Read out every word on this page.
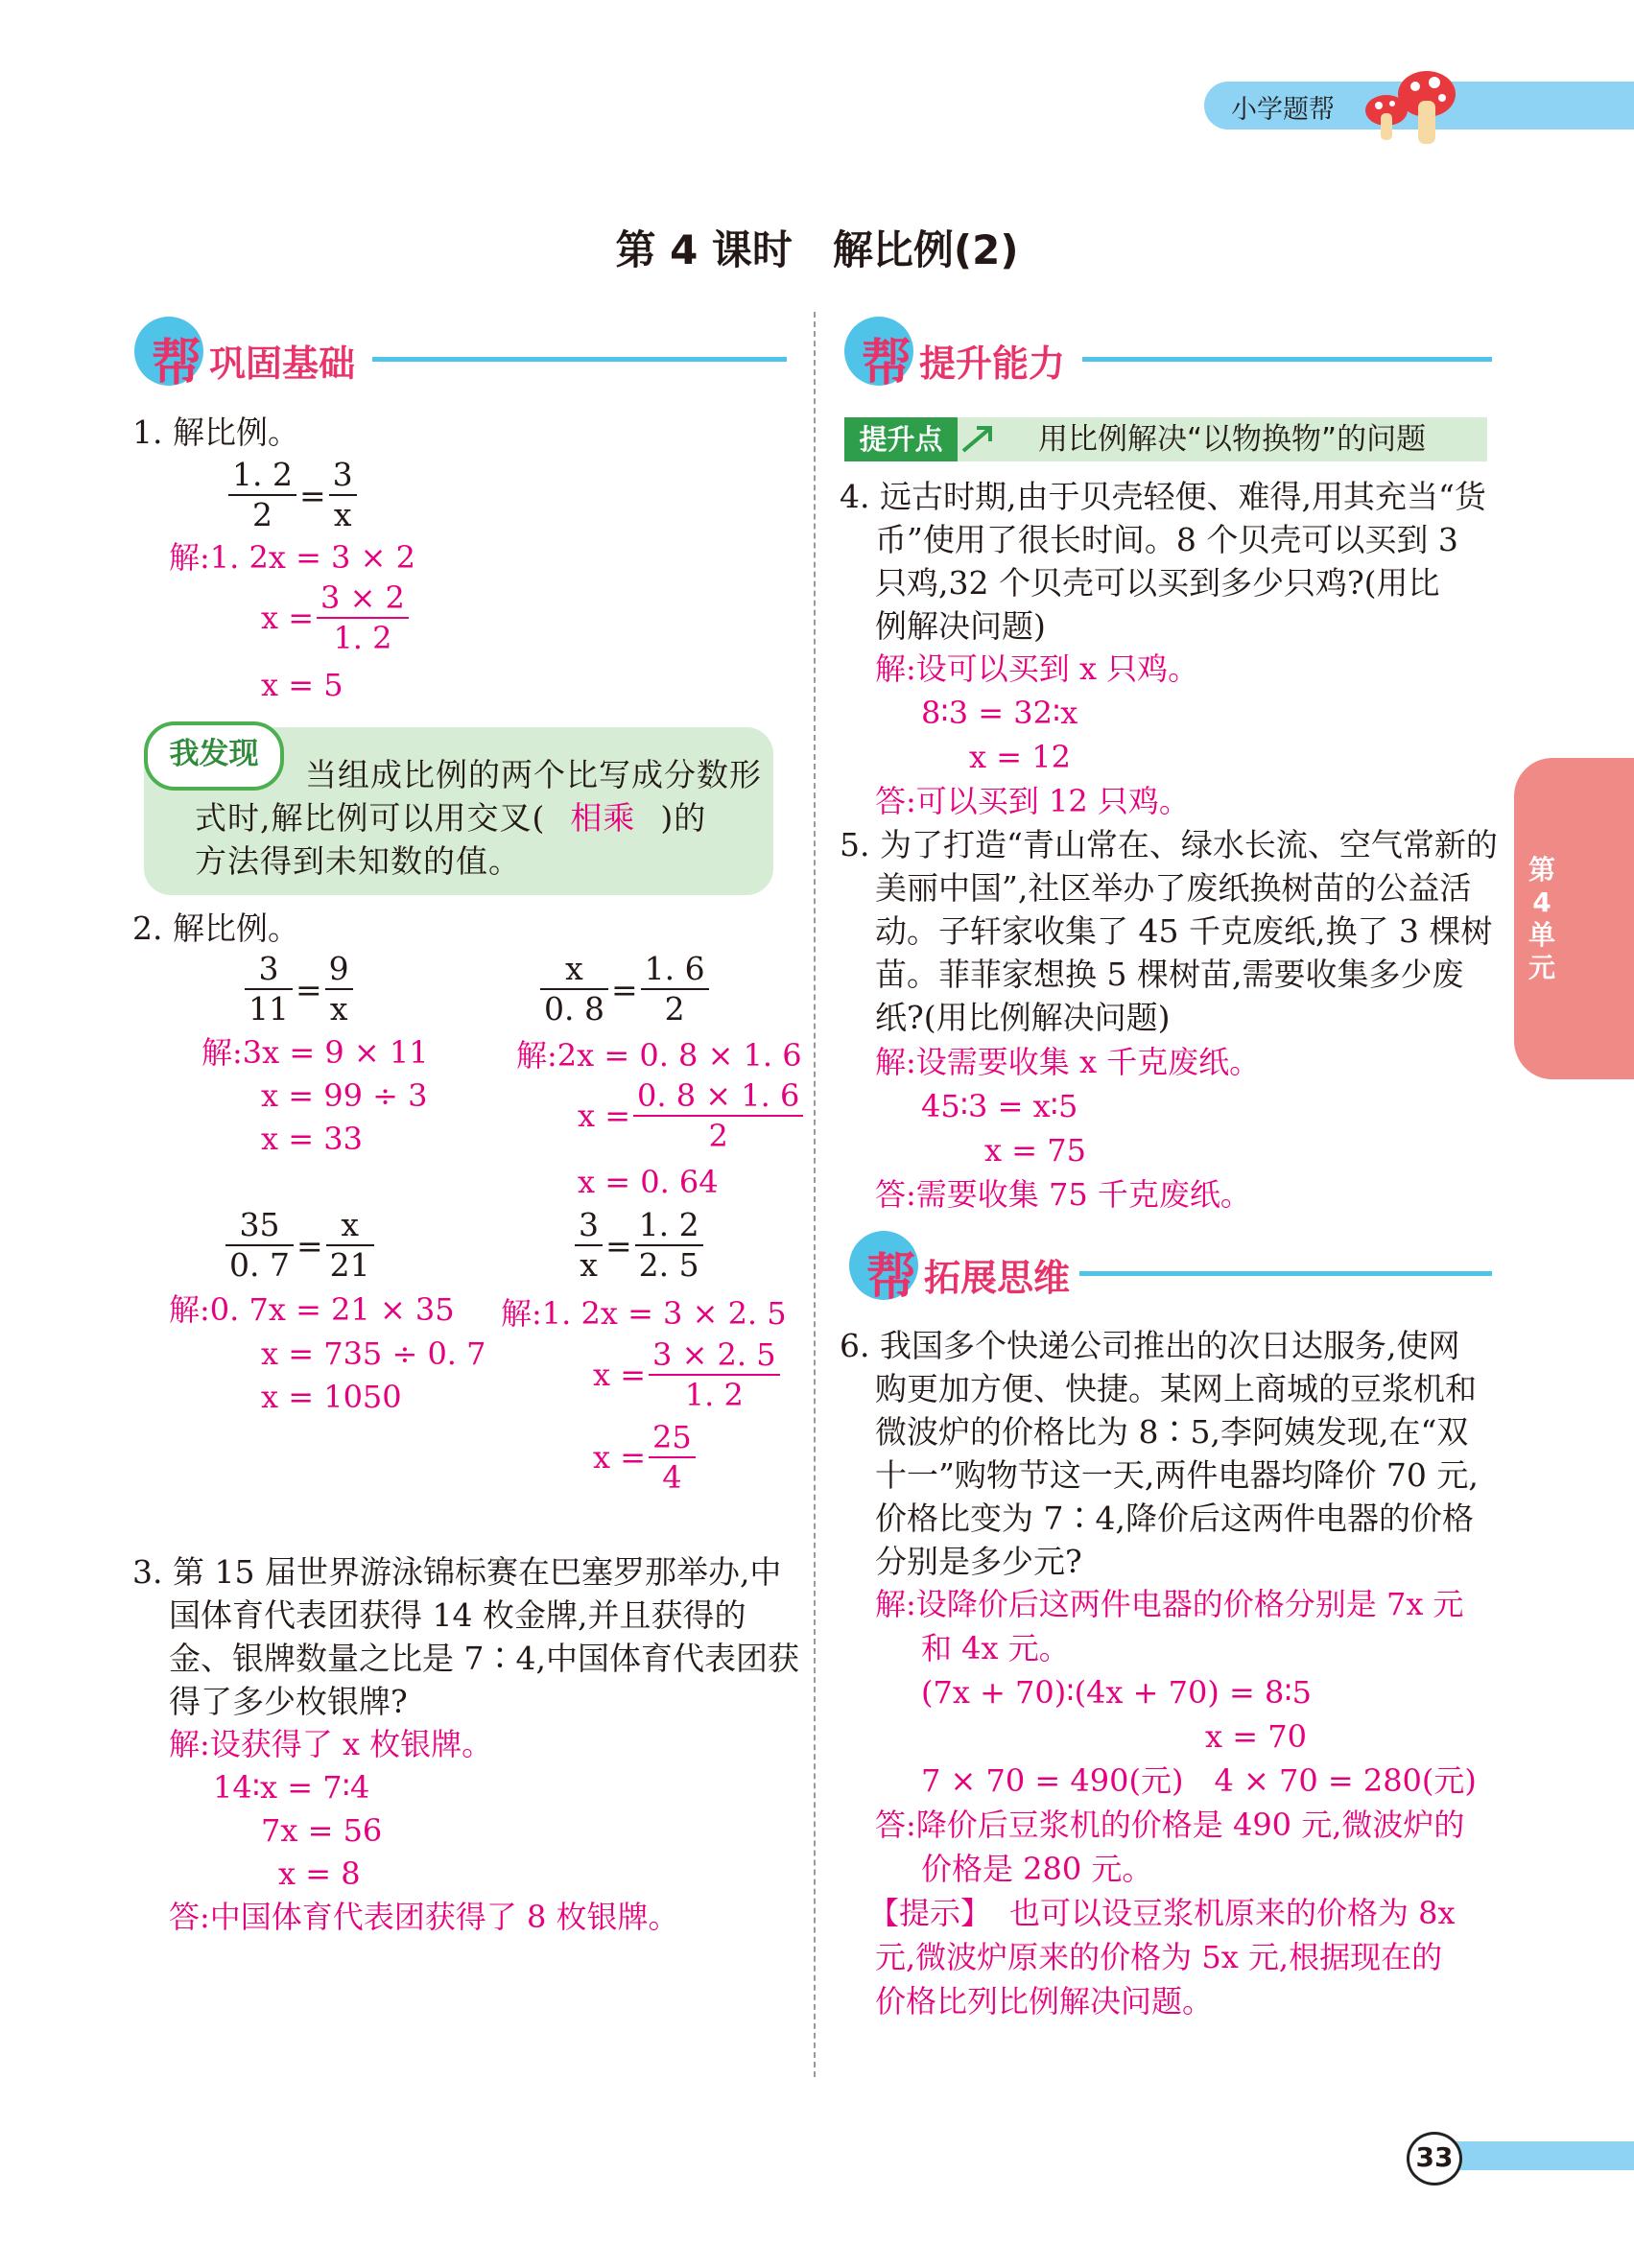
小学题帮
第 4 课时　解比例(2)
第4单元
帮 巩固基础
1. 解比例。
$\frac{1. 2}{2} = \frac{3}{x}$
解:1. 2x = 3 × 2
$x = \frac{3 \times 2}{1. 2}$
x = 5
我发现
当组成比例的两个比写成分数形
式时,解比例可以用交叉( 相乘 )的
方法得到未知数的值。
2. 解比例。
$\frac{3}{11} = \frac{9}{x}$
解:3x = 9 × 11
x = 99 ÷ 3
x = 33
$\frac{x}{0. 8} = \frac{1. 6}{2}$
解:2x = 0. 8 × 1. 6
$x = \frac{0. 8 \times 1. 6}{2}$
x = 0. 64
$\frac{35}{0. 7} = \frac{x}{21}$
解:0. 7x = 21 × 35
x = 735 ÷ 0. 7
x = 1050
$\frac{3}{x} = \frac{1. 2}{2. 5}$
解:1. 2x = 3 × 2. 5
$x = \frac{3 \times 2. 5}{1. 2}$
$x = \frac{25}{4}$
3. 第 15 届世界游泳锦标赛在巴塞罗那举办,中
国体育代表团获得 14 枚金牌,并且获得的
金、银牌数量之比是 7∶4,中国体育代表团获
得了多少枚银牌?
解:设获得了 x 枚银牌。
14∶x = 7∶4
7x = 56
x = 8
答:中国体育代表团获得了 8 枚银牌。
帮 提升能力
提升点	用比例解决“以物换物”的问题
4. 远古时期,由于贝壳轻便、难得,用其充当“货
币”使用了很长时间。8 个贝壳可以买到 3
只鸡,32 个贝壳可以买到多少只鸡?(用比
例解决问题)
解:设可以买到 x 只鸡。
8∶3 = 32∶x
x = 12
答:可以买到 12 只鸡。
5. 为了打造“青山常在、绿水长流、空气常新的
美丽中国”,社区举办了废纸换树苗的公益活
动。子轩家收集了 45 千克废纸,换了 3 棵树
苗。菲菲家想换 5 棵树苗,需要收集多少废
纸?(用比例解决问题)
解:设需要收集 x 千克废纸。
45∶3 = x∶5
x = 75
答:需要收集 75 千克废纸。
帮 拓展思维
6. 我国多个快递公司推出的次日达服务,使网
购更加方便、快捷。某网上商城的豆浆机和
微波炉的价格比为 8∶5,李阿姨发现,在“双
十一”购物节这一天,两件电器均降价 70 元,
价格比变为 7∶4,降价后这两件电器的价格
分别是多少元?
解:设降价后这两件电器的价格分别是 7x 元
和 4x 元。
(7x + 70)∶(4x + 70) = 8∶5
x = 70
7 × 70 = 490(元)　4 × 70 = 280(元)
答:降价后豆浆机的价格是 490 元,微波炉的
价格是 280 元。
【提示】 也可以设豆浆机原来的价格为 8x
元,微波炉原来的价格为 5x 元,根据现在的
价格比列比例解决问题。
33
